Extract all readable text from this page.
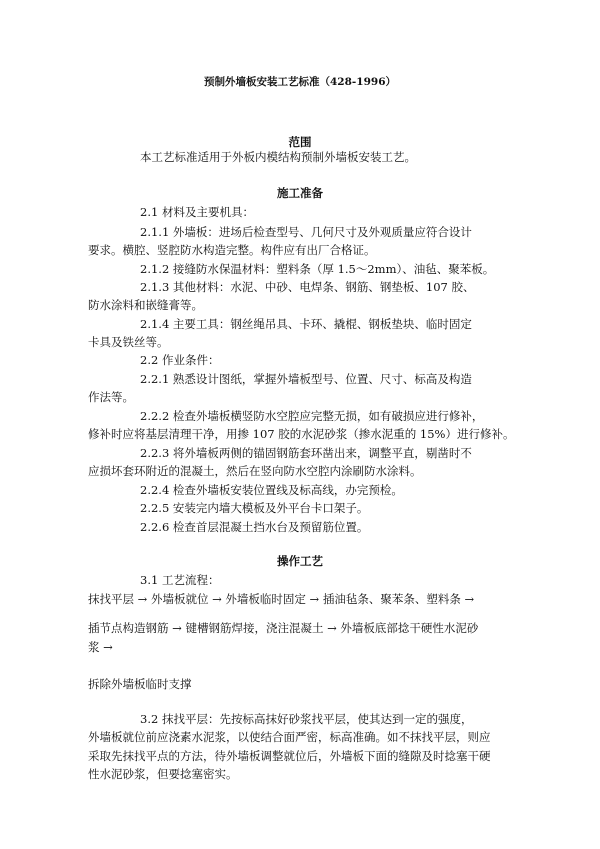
预制外墙板安装工艺标准（428-1996）
范围
本工艺标准适用于外板内模结构预制外墙板安装工艺。
施工准备
2.1 材料及主要机具：
2.1.1 外墙板：进场后检查型号、几何尺寸及外观质量应符合设计
要求。横腔、竖腔防水构造完整。构件应有出厂合格证。
2.1.2 接缝防水保温材料：塑料条（厚 1.5～2mm）、油毡、聚苯板。
2.1.3 其他材料：水泥、中砂、电焊条、钢筋、钢垫板、107 胶、
防水涂料和嵌缝膏等。
2.1.4 主要工具：钢丝绳吊具、卡环、撬棍、钢板垫块、临时固定
卡具及铁丝等。
2.2 作业条件：
2.2.1 熟悉设计图纸，掌握外墙板型号、位置、尺寸、标高及构造
作法等。
2.2.2 检查外墙板横竖防水空腔应完整无损，如有破损应进行修补，
修补时应将基层清理干净，用掺 107 胶的水泥砂浆（掺水泥重的 15%）进行修补。
2.2.3 将外墙板两侧的锚固钢筋套环凿出来，调整平直，剔凿时不
应损坏套环附近的混凝土，然后在竖向防水空腔内涂刷防水涂料。
2.2.4 检查外墙板安装位置线及标高线，办完预检。
2.2.5 安装完内墙大模板及外平台卡口架子。
2.2.6 检查首层混凝土挡水台及预留筋位置。
操作工艺
3.1 工艺流程：
抹找平层 → 外墙板就位 → 外墙板临时固定 → 插油毡条、聚苯条、塑料条 →
插节点构造钢筋 → 键槽钢筋焊接，浇注混凝土 → 外墙板底部捻干硬性水泥砂
浆 →
拆除外墙板临时支撑
3.2 抹找平层：先按标高抹好砂浆找平层，使其达到一定的强度，
外墙板就位前应浇素水泥浆，以使结合面严密，标高准确。如不抹找平层，则应
采取先抹找平点的方法，待外墙板调整就位后，外墙板下面的缝隙及时捻塞干硬
性水泥砂浆，但要捻塞密实。
